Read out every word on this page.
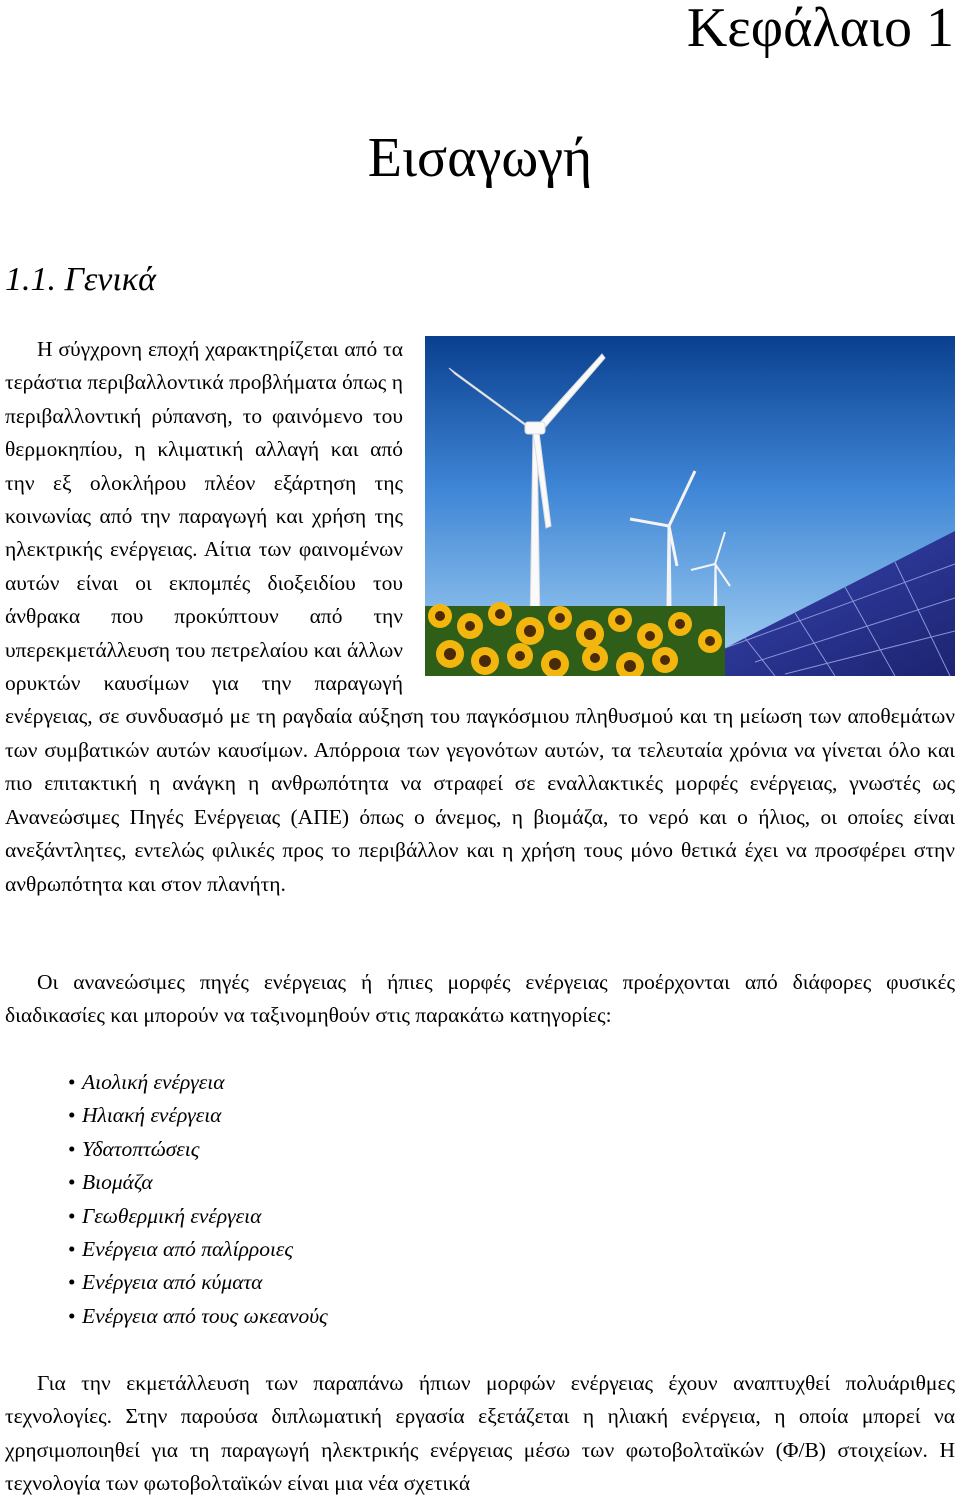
Κεφάλαιο 1
Εισαγωγή
1.1. Γενικά
Η σύγχρονη εποχή χαρακτηρίζεται από τα τεράστια περιβαλλοντικά προβλήματα όπως η περιβαλλοντική ρύπανση, το φαινόμενο του θερμοκηπίου, η κλιματική αλλαγή και από την εξ ολοκλήρου πλέον εξάρτηση της κοινωνίας από την παραγωγή και χρήση της ηλεκτρικής ενέργειας. Αίτια των φαινομένων αυτών είναι οι εκπομπές διοξειδίου του άνθρακα που προκύπτουν από την υπερεκμετάλλευση του πετρελαίου και άλλων ορυκτών καυσίμων για την παραγωγή ενέργειας, σε συνδυασμό με τη ραγδαία αύξηση του παγκόσμιου πληθυσμού και τη μείωση των αποθεμάτων των συμβατικών αυτών καυσίμων. Απόρροια των γεγονότων αυτών, τα τελευταία χρόνια να γίνεται όλο και πιο επιτακτική η ανάγκη η ανθρωπότητα να στραφεί σε εναλλακτικές μορφές ενέργειας, γνωστές ως Ανανεώσιμες Πηγές Ενέργειας (ΑΠΕ) όπως ο άνεμος, η βιομάζα, το νερό και ο ήλιος, οι οποίες είναι ανεξάντλητες, εντελώς φιλικές προς το περιβάλλον και η χρήση τους μόνο θετικά έχει να προσφέρει στην ανθρωπότητα και στον πλανήτη.

Οι ανανεώσιμες πηγές ενέργειας ή ήπιες μορφές ενέργειας προέρχονται από διάφορες φυσικές διαδικασίες και μπορούν να ταξινομηθούν στις παρακάτω κατηγορίες:

• Αιολική ενέργεια
• Ηλιακή ενέργεια
• Υδατοπτώσεις
• Βιομάζα
• Γεωθερμική ενέργεια
• Ενέργεια από παλίρροιες
• Ενέργεια από κύματα
• Ενέργεια από τους ωκεανούς

Για την εκμετάλλευση των παραπάνω ήπιων μορφών ενέργειας έχουν αναπτυχθεί πολυάριθμες τεχνολογίες. Στην παρούσα διπλωματική εργασία εξετάζεται η ηλιακή ενέργεια, η οποία μπορεί να χρησιμοποιηθεί για τη παραγωγή ηλεκτρικής ενέργειας μέσω των φωτοβολταϊκών (Φ/Β) στοιχείων. Η τεχνολογία των φωτοβολταϊκών είναι μια νέα σχετικά
